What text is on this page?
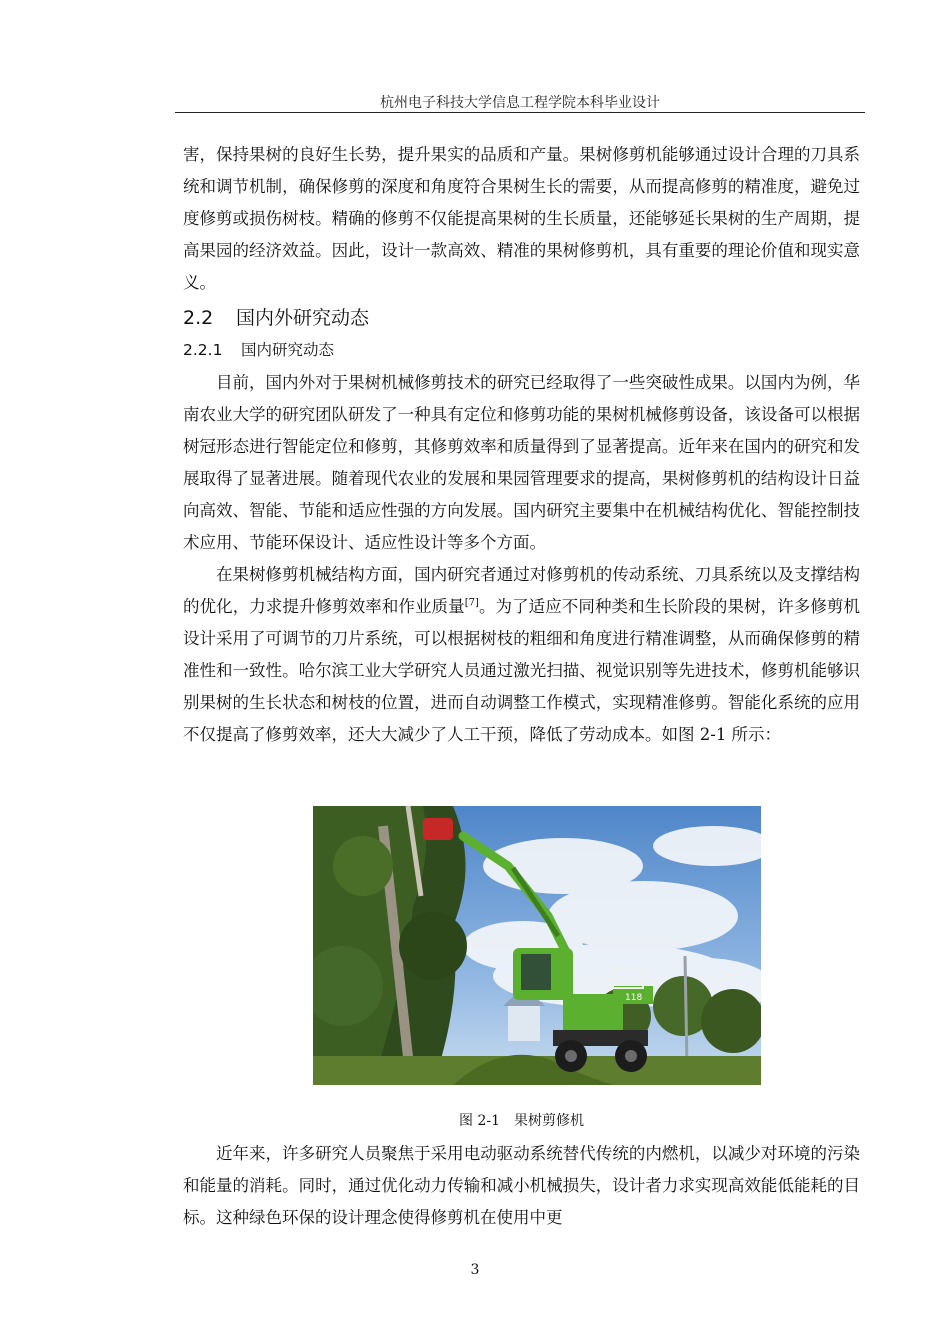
杭州电子科技大学信息工程学院本科毕业设计

害，保持果树的良好生长势，提升果实的品质和产量。果树修剪机能够通过设计合理的刀具系统和调节机制，确保修剪的深度和角度符合果树生长的需要，从而提高修剪的精准度，避免过度修剪或损伤树枝。精确的修剪不仅能提高果树的生长质量，还能够延长果树的生产周期，提高果园的经济效益。因此，设计一款高效、精准的果树修剪机，具有重要的理论价值和现实意义。

2.2 国内外研究动态
2.2.1 国内研究动态

目前，国内外对于果树机械修剪技术的研究已经取得了一些突破性成果。以国内为例，华南农业大学的研究团队研发了一种具有定位和修剪功能的果树机械修剪设备，该设备可以根据树冠形态进行智能定位和修剪，其修剪效率和质量得到了显著提高。近年来在国内的研究和发展取得了显著进展。随着现代农业的发展和果园管理要求的提高，果树修剪机的结构设计日益向高效、智能、节能和适应性强的方向发展。国内研究主要集中在机械结构优化、智能控制技术应用、节能环保设计、适应性设计等多个方面。

在果树修剪机械结构方面，国内研究者通过对修剪机的传动系统、刀具系统以及支撑结构的优化，力求提升修剪效率和作业质量[7]。为了适应不同种类和生长阶段的果树，许多修剪机设计采用了可调节的刀片系统，可以根据树枝的粗细和角度进行精准调整，从而确保修剪的精准性和一致性。哈尔滨工业大学研究人员通过激光扫描、视觉识别等先进技术，修剪机能够识别果树的生长状态和树枝的位置，进而自动调整工作模式，实现精准修剪。智能化系统的应用不仅提高了修剪效率，还大大减少了人工干预，降低了劳动成本。如图 2-1 所示：

118
图 2-1 果树剪修机

近年来，许多研究人员聚焦于采用电动驱动系统替代传统的内燃机，以减少对环境的污染和能量的消耗。同时，通过优化动力传输和减小机械损失，设计者力求实现高效能低能耗的目标。这种绿色环保的设计理念使得修剪机在使用中更

3
